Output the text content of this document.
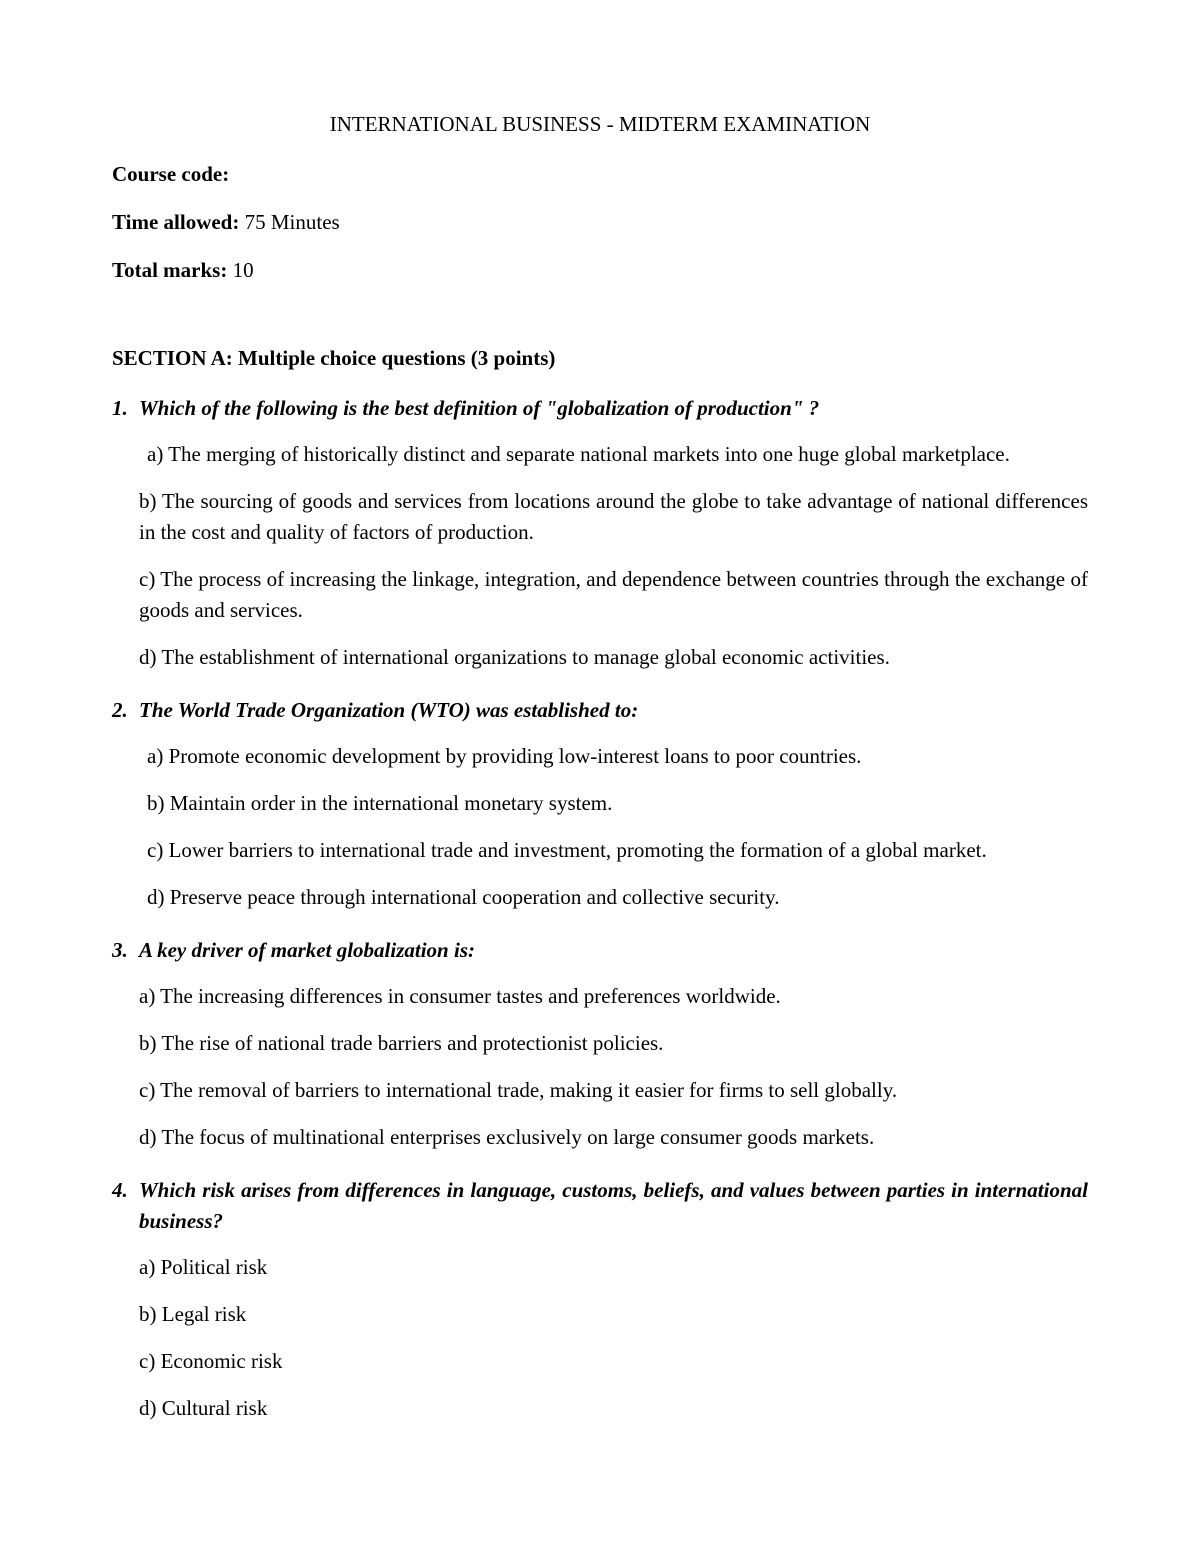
INTERNATIONAL BUSINESS - MIDTERM EXAMINATION
Course code:
Time allowed: 75 Minutes
Total marks: 10
SECTION A: Multiple choice questions (3 points)
1. Which of the following is the best definition of "globalization of production" ?
a) The merging of historically distinct and separate national markets into one huge global marketplace.
b) The sourcing of goods and services from locations around the globe to take advantage of national differences in the cost and quality of factors of production.
c) The process of increasing the linkage, integration, and dependence between countries through the exchange of goods and services.
d) The establishment of international organizations to manage global economic activities.
2. The World Trade Organization (WTO) was established to:
a) Promote economic development by providing low-interest loans to poor countries.
b) Maintain order in the international monetary system.
c) Lower barriers to international trade and investment, promoting the formation of a global market.
d) Preserve peace through international cooperation and collective security.
3. A key driver of market globalization is:
a) The increasing differences in consumer tastes and preferences worldwide.
b) The rise of national trade barriers and protectionist policies.
c) The removal of barriers to international trade, making it easier for firms to sell globally.
d) The focus of multinational enterprises exclusively on large consumer goods markets.
4. Which risk arises from differences in language, customs, beliefs, and values between parties in international business?
a) Political risk
b) Legal risk
c) Economic risk
d) Cultural risk
